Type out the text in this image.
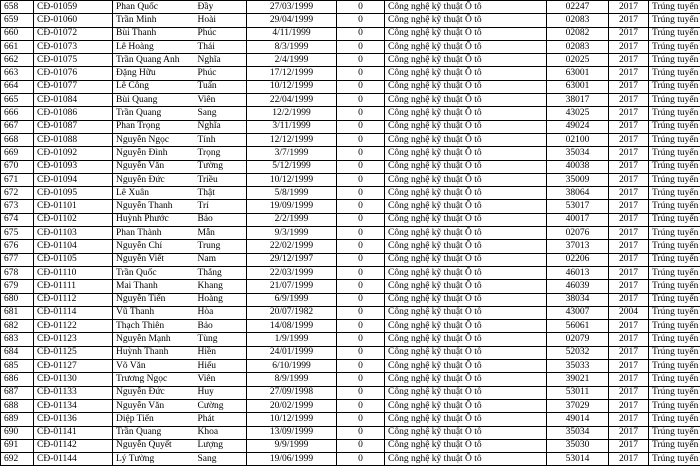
658	CĐ-01059	Phan Quốc	Đầy	27/03/1999	0	Công nghệ kỹ thuật Ô tô	02247	2017	Trúng tuyển
659	CĐ-01060	Trần Minh	Hoài	29/04/1999	0	Công nghệ kỹ thuật Ô tô	02083	2017	Trúng tuyển
660	CĐ-01072	Bùi Thanh	Phúc	4/11/1999	0	Công nghệ kỹ thuật Ô tô	02082	2017	Trúng tuyển
661	CĐ-01073	Lê Hoàng	Thái	8/3/1999	0	Công nghệ kỹ thuật Ô tô	02083	2017	Trúng tuyển
662	CĐ-01075	Trần Quang Anh	Nghĩa	2/4/1999	0	Công nghệ kỹ thuật Ô tô	02025	2017	Trúng tuyển
663	CĐ-01076	Đặng Hữu	Phúc	17/12/1999	0	Công nghệ kỹ thuật Ô tô	63001	2017	Trúng tuyển
664	CĐ-01077	Lê Công	Tuấn	10/12/1999	0	Công nghệ kỹ thuật Ô tô	63001	2017	Trúng tuyển
665	CĐ-01084	Bùi Quang	Viên	22/04/1999	0	Công nghệ kỹ thuật Ô tô	38017	2017	Trúng tuyển
666	CĐ-01086	Trần Quang	Sang	12/2/1999	0	Công nghệ kỹ thuật Ô tô	43025	2017	Trúng tuyển
667	CĐ-01087	Phan Trọng	Nghĩa	3/11/1999	0	Công nghệ kỹ thuật Ô tô	49024	2017	Trúng tuyển
668	CĐ-01088	Nguyễn Ngọc	Tính	12/12/1999	0	Công nghệ kỹ thuật Ô tô	02100	2017	Trúng tuyển
669	CĐ-01092	Nguyễn Đình	Trọng	3/7/1999	0	Công nghệ kỹ thuật Ô tô	35034	2017	Trúng tuyển
670	CĐ-01093	Nguyễn Văn	Tường	5/12/1999	0	Công nghệ kỹ thuật Ô tô	40038	2017	Trúng tuyển
671	CĐ-01094	Nguyễn Đức	Triều	10/12/1999	0	Công nghệ kỹ thuật Ô tô	35009	2017	Trúng tuyển
672	CĐ-01095	Lê Xuân	Thật	5/8/1999	0	Công nghệ kỹ thuật Ô tô	38064	2017	Trúng tuyển
673	CĐ-01101	Nguyễn Thanh	Trí	19/09/1999	0	Công nghệ kỹ thuật Ô tô	53017	2017	Trúng tuyển
674	CĐ-01102	Huỳnh Phước	Bảo	2/2/1999	0	Công nghệ kỹ thuật Ô tô	40017	2017	Trúng tuyển
675	CĐ-01103	Phan Thành	Mẫn	9/3/1999	0	Công nghệ kỹ thuật Ô tô	02076	2017	Trúng tuyển
676	CĐ-01104	Nguyễn Chí	Trung	22/02/1999	0	Công nghệ kỹ thuật Ô tô	37013	2017	Trúng tuyển
677	CĐ-01105	Nguyễn Viết	Nam	29/12/1997	0	Công nghệ kỹ thuật Ô tô	02206	2017	Trúng tuyển
678	CĐ-01110	Trần Quốc	Thắng	22/03/1999	0	Công nghệ kỹ thuật Ô tô	46013	2017	Trúng tuyển
679	CĐ-01111	Mai Thanh	Khang	21/07/1999	0	Công nghệ kỹ thuật Ô tô	46039	2017	Trúng tuyển
680	CĐ-01112	Nguyễn Tiến	Hoàng	6/9/1999	0	Công nghệ kỹ thuật Ô tô	38034	2017	Trúng tuyển
681	CĐ-01114	Vũ Thanh	Hòa	20/07/1982	0	Công nghệ kỹ thuật Ô tô	43007	2004	Trúng tuyển
682	CĐ-01122	Thạch Thiên	Bảo	14/08/1999	0	Công nghệ kỹ thuật Ô tô	56061	2017	Trúng tuyển
683	CĐ-01123	Nguyễn Mạnh	Tùng	1/9/1999	0	Công nghệ kỹ thuật Ô tô	02079	2017	Trúng tuyển
684	CĐ-01125	Huỳnh Thanh	Hiền	24/01/1999	0	Công nghệ kỹ thuật Ô tô	52032	2017	Trúng tuyển
685	CĐ-01127	Võ Văn	Hiếu	6/10/1999	0	Công nghệ kỹ thuật Ô tô	35033	2017	Trúng tuyển
686	CĐ-01130	Trương Ngọc	Viên	8/9/1999	0	Công nghệ kỹ thuật Ô tô	39021	2017	Trúng tuyển
687	CĐ-01133	Nguyễn Đức	Huy	27/09/1998	0	Công nghệ kỹ thuật Ô tô	53011	2017	Trúng tuyển
688	CĐ-01134	Nguyễn Văn	Cường	20/02/1999	0	Công nghệ kỹ thuật Ô tô	37029	2017	Trúng tuyển
689	CĐ-01136	Diệp Tiến	Phát	10/12/1999	0	Công nghệ kỹ thuật Ô tô	49014	2017	Trúng tuyển
690	CĐ-01141	Trần Quang	Khoa	13/09/1999	0	Công nghệ kỹ thuật Ô tô	35034	2017	Trúng tuyển
691	CĐ-01142	Nguyễn Quyết	Lượng	9/9/1999	0	Công nghệ kỹ thuật Ô tô	35030	2017	Trúng tuyển
692	CĐ-01144	Lý Tường	Sang	19/06/1999	0	Công nghệ kỹ thuật Ô tô	53014	2017	Trúng tuyển
